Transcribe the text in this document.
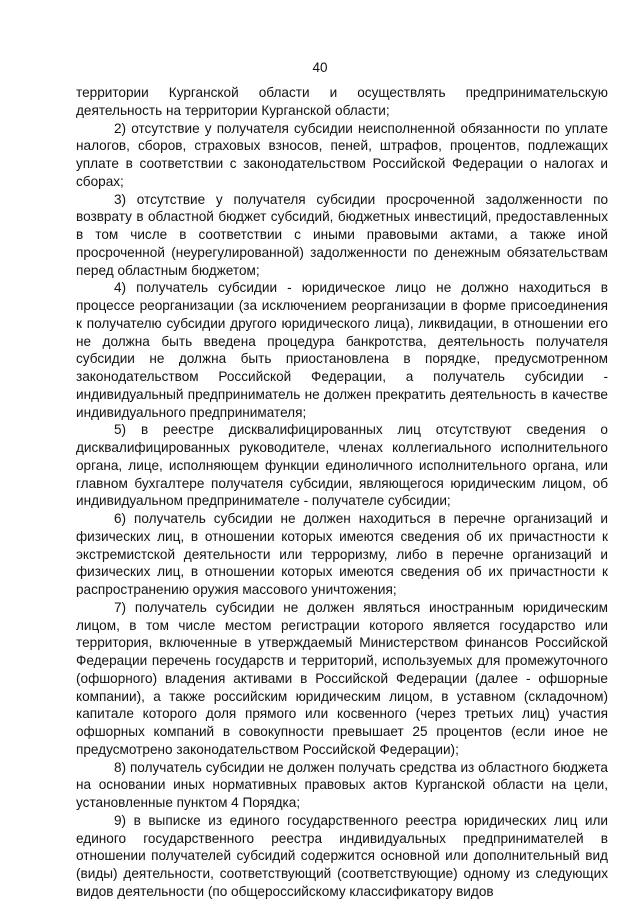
40

территории Курганской области и осуществлять предпринимательскую деятельность на территории Курганской области;

2) отсутствие у получателя субсидии неисполненной обязанности по уплате налогов, сборов, страховых взносов, пеней, штрафов, процентов, подлежащих уплате в соответствии с законодательством Российской Федерации о налогах и сборах;

3) отсутствие у получателя субсидии просроченной задолженности по возврату в областной бюджет субсидий, бюджетных инвестиций, предоставленных в том числе в соответствии с иными правовыми актами, а также иной просроченной (неурегулированной) задолженности по денежным обязательствам перед областным бюджетом;

4) получатель субсидии - юридическое лицо не должно находиться в процессе реорганизации (за исключением реорганизации в форме присоединения к получателю субсидии другого юридического лица), ликвидации, в отношении его не должна быть введена процедура банкротства, деятельность получателя субсидии не должна быть приостановлена в порядке, предусмотренном законодательством Российской Федерации, а получатель субсидии - индивидуальный предприниматель не должен прекратить деятельность в качестве индивидуального предпринимателя;

5) в реестре дисквалифицированных лиц отсутствуют сведения о дисквалифицированных руководителе, членах коллегиального исполнительного органа, лице, исполняющем функции единоличного исполнительного органа, или главном бухгалтере получателя субсидии, являющегося юридическим лицом, об индивидуальном предпринимателе - получателе субсидии;

6) получатель субсидии не должен находиться в перечне организаций и физических лиц, в отношении которых имеются сведения об их причастности к экстремистской деятельности или терроризму, либо в перечне организаций и физических лиц, в отношении которых имеются сведения об их причастности к распространению оружия массового уничтожения;

7) получатель субсидии не должен являться иностранным юридическим лицом, в том числе местом регистрации которого является государство или территория, включенные в утверждаемый Министерством финансов Российской Федерации перечень государств и территорий, используемых для промежуточного (офшорного) владения активами в Российской Федерации (далее - офшорные компании), а также российским юридическим лицом, в уставном (складочном) капитале которого доля прямого или косвенного (через третьих лиц) участия офшорных компаний в совокупности превышает 25 процентов (если иное не предусмотрено законодательством Российской Федерации);

8) получатель субсидии не должен получать средства из областного бюджета на основании иных нормативных правовых актов Курганской области на цели, установленные пунктом 4 Порядка;

9) в выписке из единого государственного реестра юридических лиц или единого государственного реестра индивидуальных предпринимателей в отношении получателей субсидий содержится основной или дополнительный вид (виды) деятельности, соответствующий (соответствующие) одному из следующих видов деятельности (по общероссийскому классификатору видов
